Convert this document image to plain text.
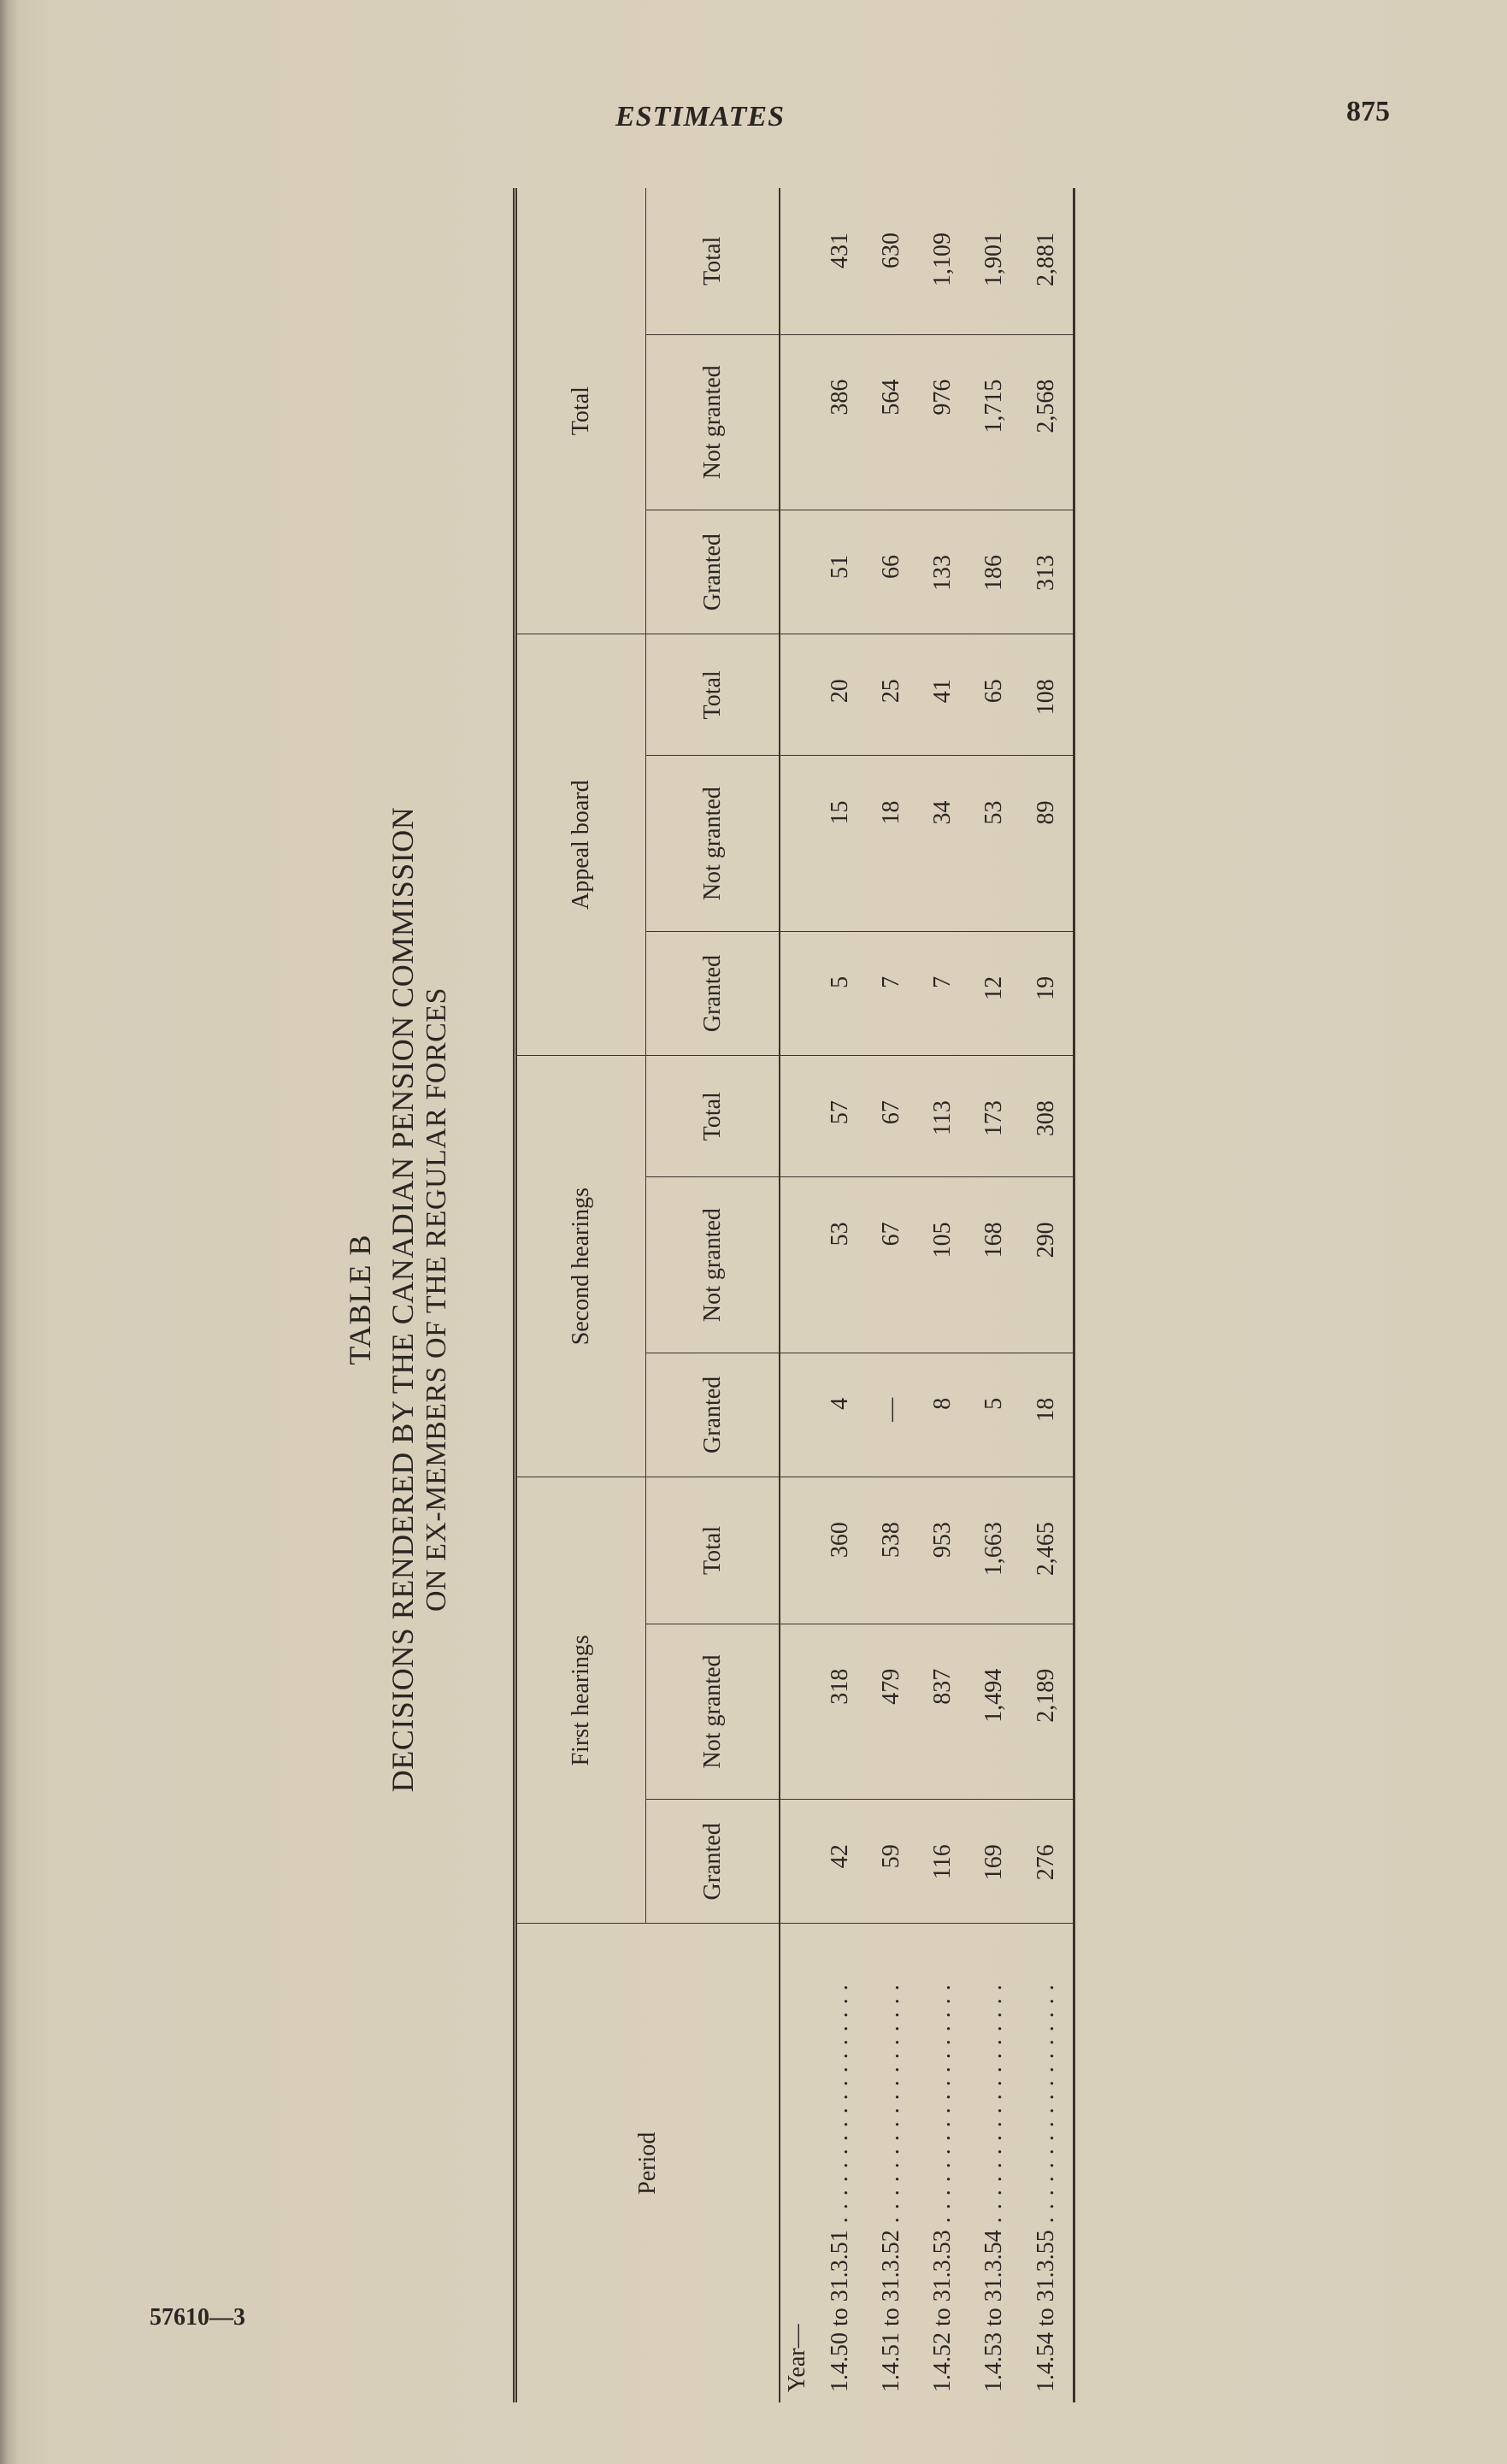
ESTIMATES	875
TABLE B DECISIONS RENDERED BY THE CANADIAN PENSION COMMISSION ON EX-MEMBERS OF THE REGULAR FORCES
Period	First hearings			Second hearings			Appeal board			Total		
	Granted	Not granted	Total	Granted	Not granted	Total	Granted	Not granted	Total	Granted	Not granted	Total
Year—												
1.4.50 to 31.3.51 . . . . . . . . . . . . . . . . . .	42	318	360	4	53	57	5	15	20	51	386	431
1.4.51 to 31.3.52 . . . . . . . . . . . . . . . . . .	59	479	538	—	67	67	7	18	25	66	564	630
1.4.52 to 31.3.53 . . . . . . . . . . . . . . . . . .	116	837	953	8	105	113	7	34	41	133	976	1,109
1.4.53 to 31.3.54 . . . . . . . . . . . . . . . . . .	169	1,494	1,663	5	168	173	12	53	65	186	1,715	1,901
1.4.54 to 31.3.55 . . . . . . . . . . . . . . . . . .	276	2,189	2,465	18	290	308	19	89	108	313	2,568	2,881
57610—3
